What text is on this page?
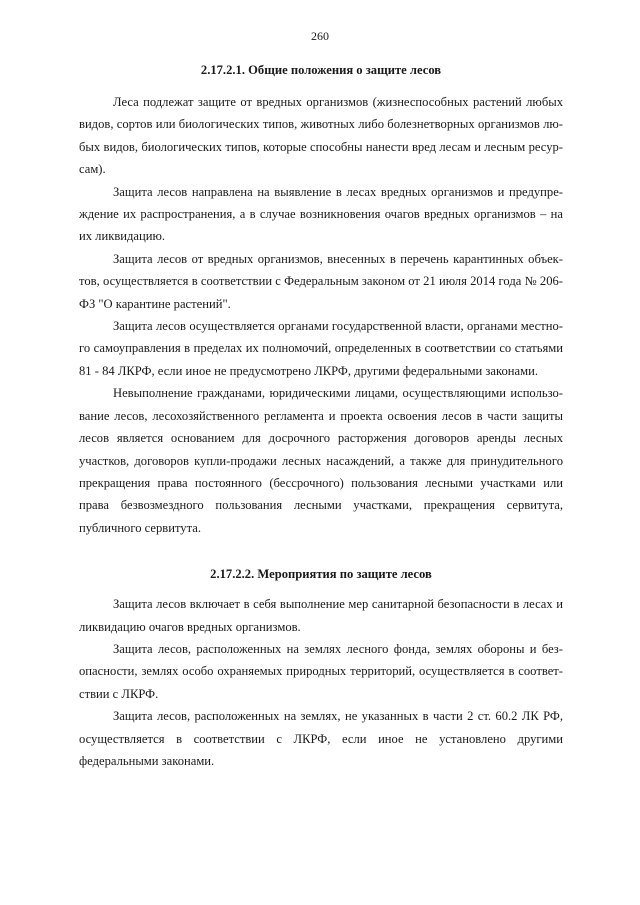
260
2.17.2.1. Общие положения о защите лесов

Леса подлежат защите от вредных организмов (жизнеспособных растений любых видов, сортов или биологических типов, животных либо болезнетворных организмов любых видов, биологических типов, которые способны нанести вред лесам и лесным ресурсам).

Защита лесов направлена на выявление в лесах вредных организмов и предупреждение их распространения, а в случае возникновения очагов вредных организмов – на их ликвидацию.

Защита лесов от вредных организмов, внесенных в перечень карантинных объектов, осуществляется в соответствии с Федеральным законом от 21 июля 2014 года № 206-ФЗ "О карантине растений".

Защита лесов осуществляется органами государственной власти, органами местного самоуправления в пределах их полномочий, определенных в соответствии со статьями 81 - 84 ЛКРФ, если иное не предусмотрено ЛКРФ, другими федеральными законами.

Невыполнение гражданами, юридическими лицами, осуществляющими использование лесов, лесохозяйственного регламента и проекта освоения лесов в части защиты лесов является основанием для досрочного расторжения договоров аренды лесных участков, договоров купли-продажи лесных насаждений, а также для принудительного прекращения права постоянного (бессрочного) пользования лесными участками или права безвозмездного пользования лесными участками, прекращения сервитута, публичного сервитута.

2.17.2.2. Мероприятия по защите лесов

Защита лесов включает в себя выполнение мер санитарной безопасности в лесах и ликвидацию очагов вредных организмов.

Защита лесов, расположенных на землях лесного фонда, землях обороны и безопасности, землях особо охраняемых природных территорий, осуществляется в соответствии с ЛКРФ.

Защита лесов, расположенных на землях, не указанных в части 2 ст. 60.2 ЛК РФ, осуществляется в соответствии с ЛКРФ, если иное не установлено другими федеральными законами.
